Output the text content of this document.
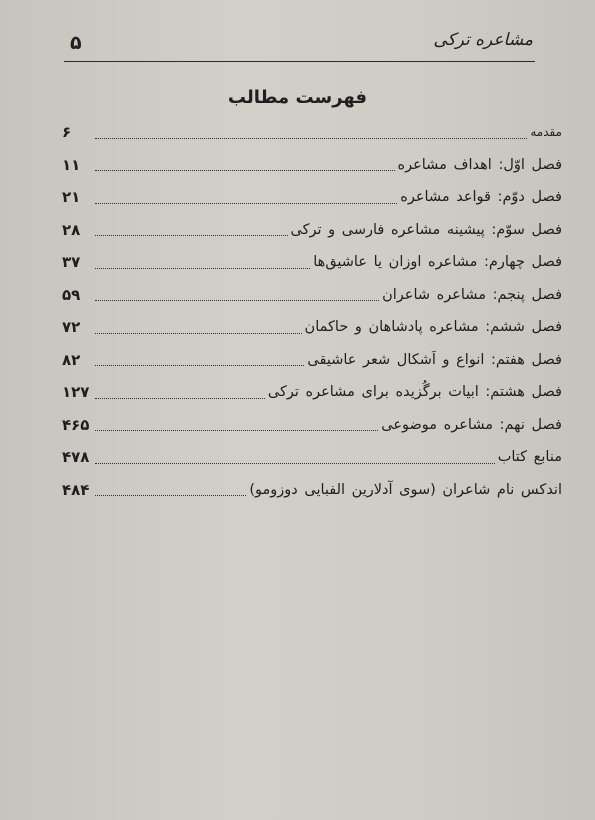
۵	مشاعره ترکی
فهرست مطالب
مقدمه
۶
فصل اوّل: اهداف مشاعره
۱۱
فصل دوّم: قواعد مشاعره
۲۱
فصل سوّم: پیشینه مشاعره فارسی و ترکی
۲۸
فصل چهارم: مشاعره اوزان یا عاشیق‌ها
۳۷
فصل پنجم: مشاعره شاعران
۵۹
فصل ششم: مشاعره پادشاهان و حاکمان
۷۲
فصل هفتم: انواع و اَشکال شعر عاشیقی
۸۲
فصل هشتم: ابیات برگُزیده برای مشاعره ترکی
۱۲۷
فصل نهم: مشاعره موضوعی
۴۶۵
منابع کتاب
۴۷۸
اندکس نام شاعران (سوی آدلارین الفبایی دوزومو)
۴۸۴
